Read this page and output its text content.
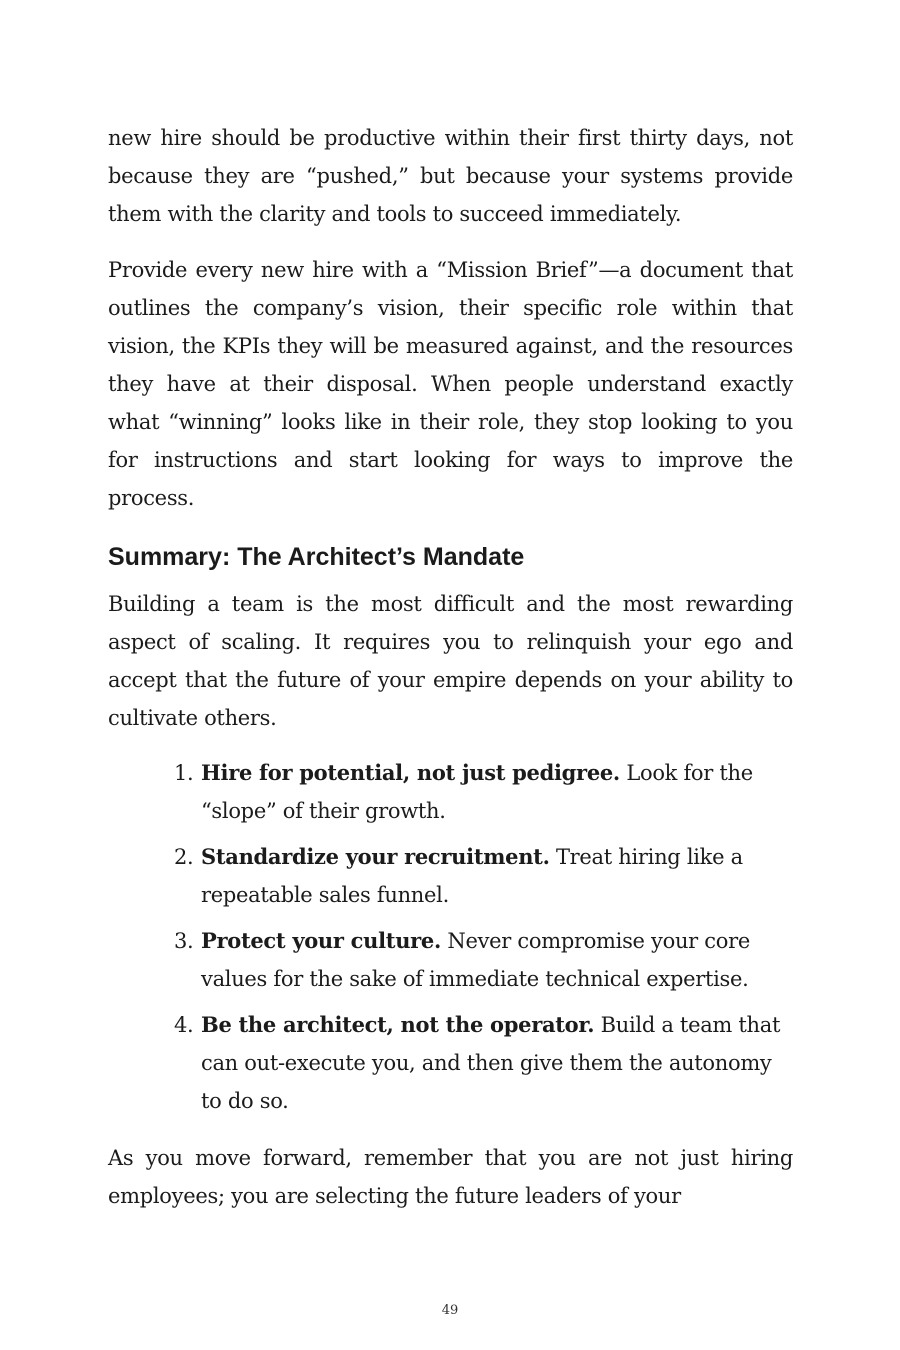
new hire should be productive within their first thirty days, not because they are “pushed,” but because your systems provide them with the clarity and tools to succeed immediately.

Provide every new hire with a “Mission Brief”—a document that outlines the company’s vision, their specific role within that vision, the KPIs they will be measured against, and the resources they have at their disposal. When people understand exactly what “winning” looks like in their role, they stop looking to you for instructions and start looking for ways to improve the process.

Summary: The Architect’s Mandate

Building a team is the most difficult and the most rewarding aspect of scaling. It requires you to relinquish your ego and accept that the future of your empire depends on your ability to cultivate others.

1. Hire for potential, not just pedigree. Look for the “slope” of their growth.
2. Standardize your recruitment. Treat hiring like a repeatable sales funnel.
3. Protect your culture. Never compromise your core values for the sake of immediate technical expertise.
4. Be the architect, not the operator. Build a team that can out-execute you, and then give them the autonomy to do so.

As you move forward, remember that you are not just hiring employees; you are selecting the future leaders of your

49
